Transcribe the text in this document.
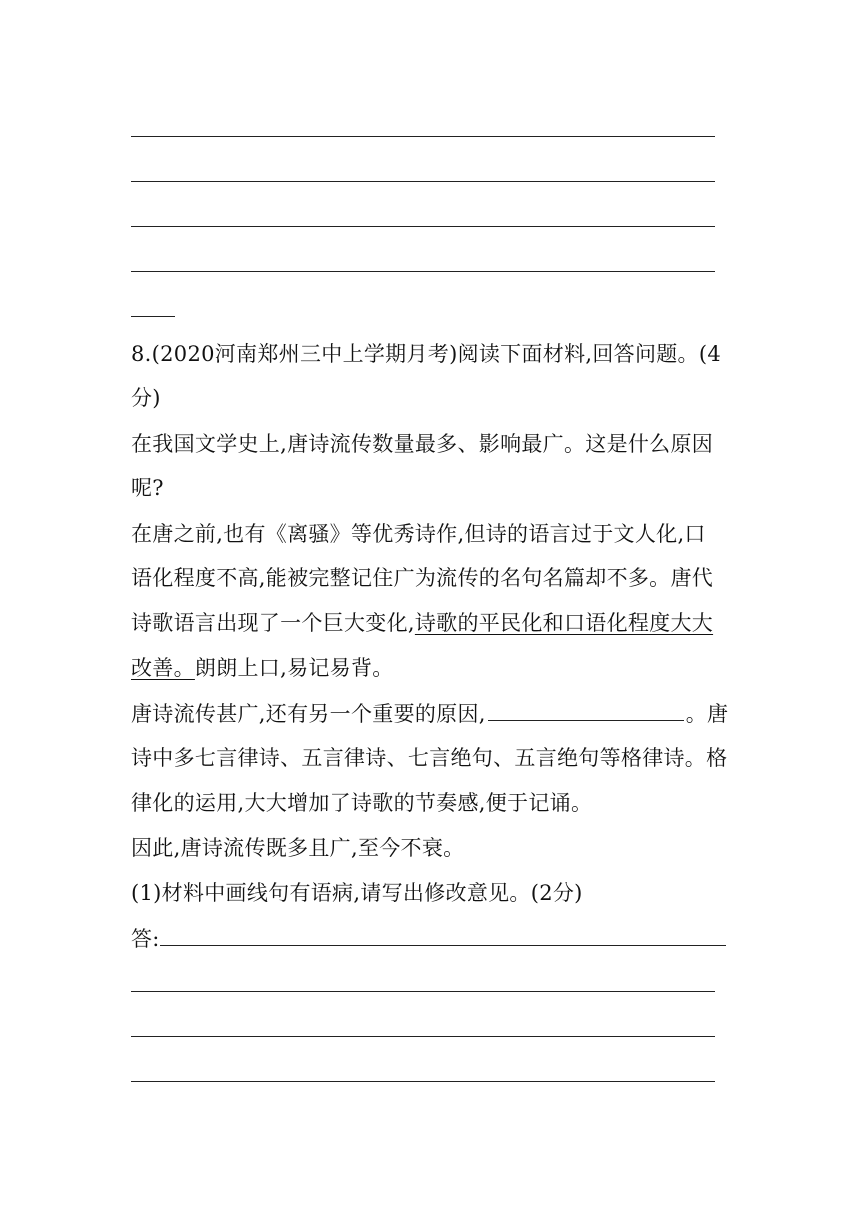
8.(2020河南郑州三中上学期月考)阅读下面材料,回答问题。(4
分)
在我国文学史上,唐诗流传数量最多、影响最广。这是什么原因
呢?
在唐之前,也有《离骚》等优秀诗作,但诗的语言过于文人化,口
语化程度不高,能被完整记住广为流传的名句名篇却不多。唐代
诗歌语言出现了一个巨大变化,诗歌的平民化和口语化程度大大
改善。朗朗上口,易记易背。
唐诗流传甚广,还有另一个重要的原因,	。唐
诗中多七言律诗、五言律诗、七言绝句、五言绝句等格律诗。格
律化的运用,大大增加了诗歌的节奏感,便于记诵。
因此,唐诗流传既多且广,至今不衰。
(1)材料中画线句有语病,请写出修改意见。(2分)
答:
